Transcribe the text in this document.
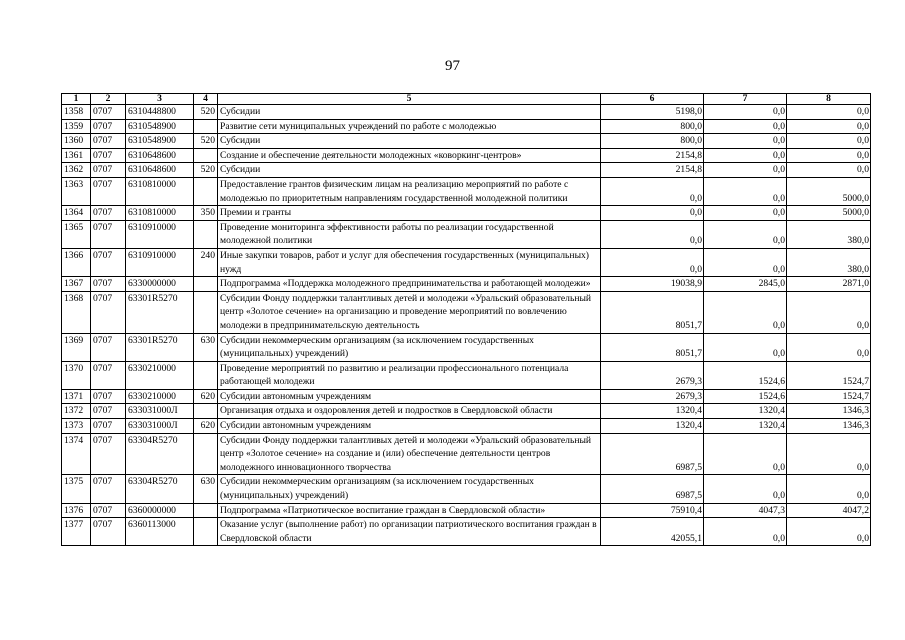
97
1	2	3	4	5	6	7	8
1358	0707	6310448800	520	Субсидии	5198,0	0,0	0,0
1359	0707	6310548900		Развитие сети муниципальных учреждений по работе с молодежью	800,0	0,0	0,0
1360	0707	6310548900	520	Субсидии	800,0	0,0	0,0
1361	0707	6310648600		Создание и обеспечение деятельности молодежных «коворкинг-центров»	2154,8	0,0	0,0
1362	0707	6310648600	520	Субсидии	2154,8	0,0	0,0
1363	0707	6310810000		Предоставление грантов физическим лицам на реализацию мероприятий по работе с молодежью по приоритетным направлениям государственной молодежной политики	0,0	0,0	5000,0
1364	0707	6310810000	350	Премии и гранты	0,0	0,0	5000,0
1365	0707	6310910000		Проведение мониторинга эффективности работы по реализации государственной молодежной политики	0,0	0,0	380,0
1366	0707	6310910000	240	Иные закупки товаров, работ и услуг для обеспечения государственных (муниципальных) нужд	0,0	0,0	380,0
1367	0707	6330000000		Подпрограмма «Поддержка молодежного предпринимательства и работающей молодежи»	19038,9	2845,0	2871,0
1368	0707	63301R5270		Субсидии Фонду поддержки талантливых детей и молодежи «Уральский образовательный центр «Золотое сечение» на организацию и проведение мероприятий по вовлечению молодежи в предпринимательскую деятельность	8051,7	0,0	0,0
1369	0707	63301R5270	630	Субсидии некоммерческим организациям (за исключением государственных (муниципальных) учреждений)	8051,7	0,0	0,0
1370	0707	6330210000		Проведение мероприятий по развитию и реализации профессионального потенциала работающей молодежи	2679,3	1524,6	1524,7
1371	0707	6330210000	620	Субсидии автономным учреждениям	2679,3	1524,6	1524,7
1372	0707	633031000Л		Организация отдыха и оздоровления детей и подростков в Свердловской области	1320,4	1320,4	1346,3
1373	0707	633031000Л	620	Субсидии автономным учреждениям	1320,4	1320,4	1346,3
1374	0707	63304R5270		Субсидии Фонду поддержки талантливых детей и молодежи «Уральский образовательный центр «Золотое сечение» на создание и (или) обеспечение деятельности центров молодежного инновационного творчества	6987,5	0,0	0,0
1375	0707	63304R5270	630	Субсидии некоммерческим организациям (за исключением государственных (муниципальных) учреждений)	6987,5	0,0	0,0
1376	0707	6360000000		Подпрограмма «Патриотическое воспитание граждан в Свердловской области»	75910,4	4047,3	4047,2
1377	0707	6360113000		Оказание услуг (выполнение работ) по организации патриотического воспитания граждан в Свердловской области	42055,1	0,0	0,0
